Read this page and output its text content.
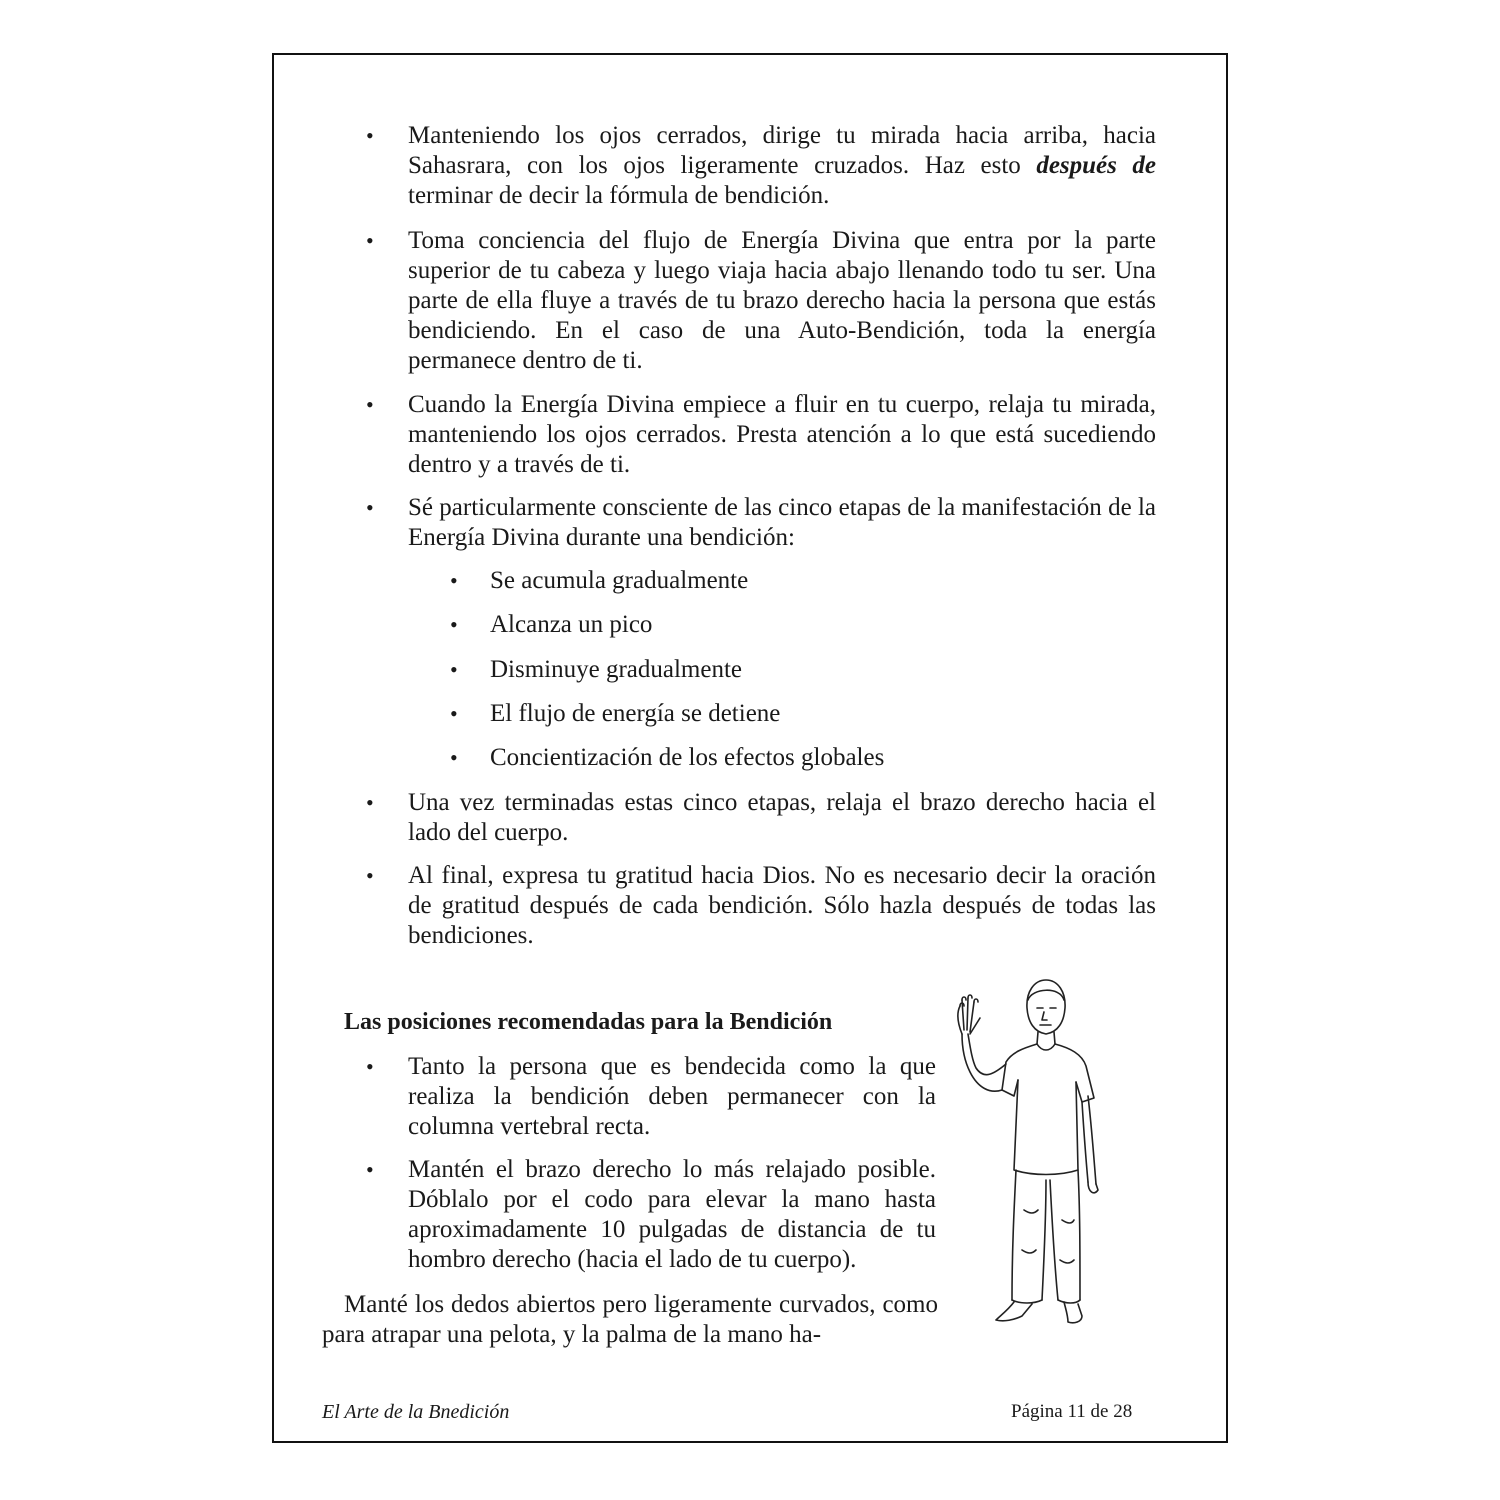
• Manteniendo los ojos cerrados, dirige tu mirada hacia arriba, hacia Sahasrara, con los ojos ligeramente cruzados. Haz esto después de terminar de decir la fórmula de bendición.
• Toma conciencia del flujo de Energía Divina que entra por la parte superior de tu cabeza y luego viaja hacia abajo llenando todo tu ser. Una parte de ella fluye a través de tu brazo derecho hacia la persona que estás bendiciendo. En el caso de una Auto-Bendición, toda la energía permanece dentro de ti.
• Cuando la Energía Divina empiece a fluir en tu cuerpo, relaja tu mirada, manteniendo los ojos cerrados. Presta atención a lo que está sucediendo dentro y a través de ti.
• Sé particularmente consciente de las cinco etapas de la manifestación de la Energía Divina durante una bendición:
• Se acumula gradualmente
• Alcanza un pico
• Disminuye gradualmente
• El flujo de energía se detiene
• Concientización de los efectos globales
• Una vez terminadas estas cinco etapas, relaja el brazo derecho hacia el lado del cuerpo.
• Al final, expresa tu gratitud hacia Dios. No es necesario decir la oración de gratitud después de cada bendición. Sólo hazla después de todas las bendiciones.
Las posiciones recomendadas para la Bendición
• Tanto la persona que es bendecida como la que realiza la bendición deben permanecer con la columna vertebral recta.
• Mantén el brazo derecho lo más relajado posible. Dóblalo por el codo para elevar la mano hasta aproximadamente 10 pulgadas de distancia de tu hombro derecho (hacia el lado de tu cuerpo).
Manté los dedos abiertos pero ligeramente curvados, como para atrapar una pelota, y la palma de la mano ha-
El Arte de la Bnedición	Página 11 de 28
